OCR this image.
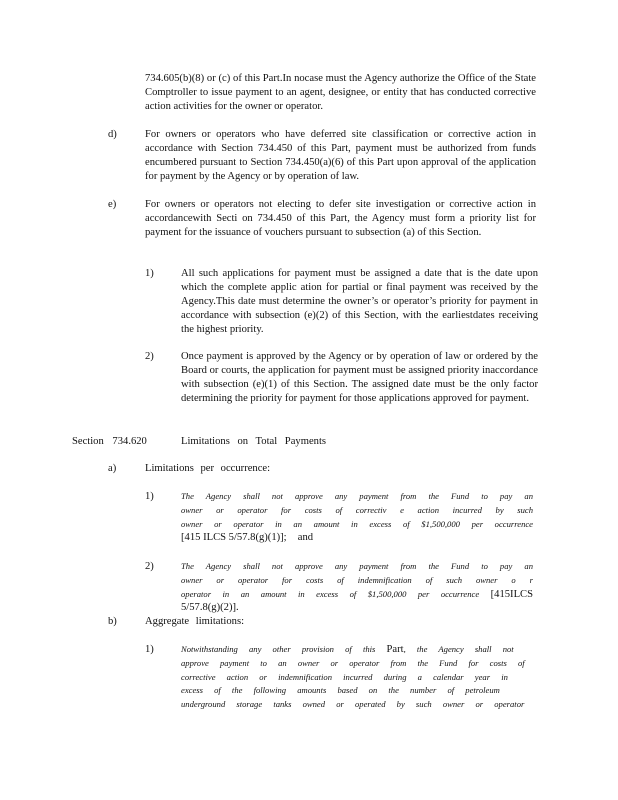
734.605(b)(8) or (c) of this Part.In nocase must the Agency authorize the Office of the State Comptroller to issue payment to an agent, designee, or entity that has conducted corrective action activities for the owner or operator.
d)	For owners or operators who have deferred site classification or corrective action in accordance with Section 734.450 of this Part, payment must be authorized from funds encumbered pursuant to Section 734.450(a)(6) of this Part upon approval of the application for payment by the Agency or by operation of law.
e)	For owners or operators not electing to defer site investigation or corrective action in accordancewith Secti on 734.450 of this Part, the Agency must form a priority list for payment for the issuance of vouchers pursuant to subsection (a) of this Section.
1)	All such applications for payment must be assigned a date that is the date upon which the complete applic ation for partial or final payment was received by the Agency.This date must determine the owner’s or operator’s priority for payment in accordance with subsection (e)(2) of this Section, with the earliestdates receiving the highest priority.
2)	Once payment is approved by the Agency or by operation of law or ordered by the Board or courts, the application for payment must be assigned priority inaccordance with subsection (e)(1) of this Section. The assigned date must be the only factor determining the priority for payment for those applications approved for payment.
Section 734.620	Limitations on Total Payments
a)	Limitations per occurrence:
1)	The Agency shall not approve any payment from the Fund to pay an owner or operator for costs of correctiv e action incurred by such owner or operator in an amount in excess of $1,500,000 per occurrence [415 ILCS 5/57.8(g)(1)]; and
2)	The Agency shall not approve any payment from the Fund to pay an owner or operator for costs of indemnification of such owner o r operator in an amount in excess of $1,500,000 per occurrence [415ILCS 5/57.8(g)(2)].
b)	Aggregate limitations:
1)	Notwithstanding any other provision of this Part, the Agency shall not approve payment to an owner or operator from the Fund for costs of corrective action or indemnification incurred during a calendar year in excess of the following amounts based on the number of petroleum underground storage tanks owned or operated by such owner or operator
